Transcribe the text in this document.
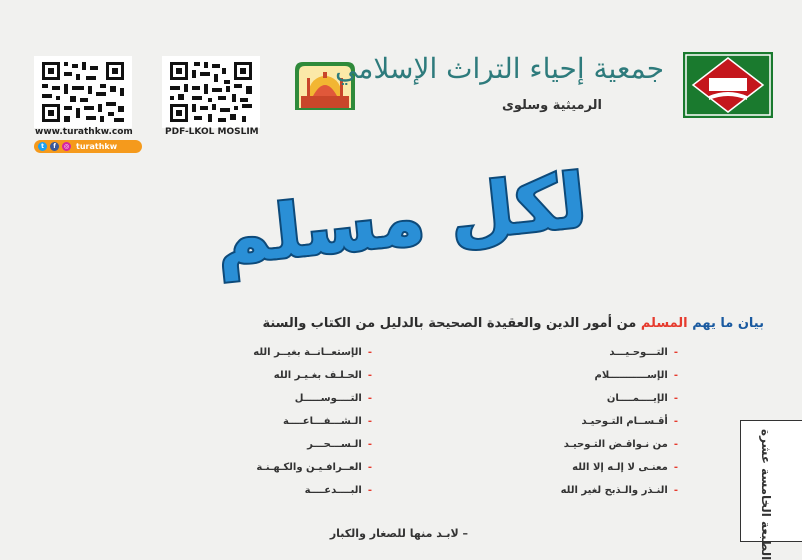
www.turathkw.com	PDF-LKOL MOSLIM
t	f	◎ turathkw
جمعية إحياء التراث الإسلامي
الرميثية وسلوى
لكل مسلم
بيان ما يهم المسلم من أمور الدين والعقيدة الصحيحة بالدليل من الكتاب والسنة
-
التـــوحـيـــد
-
الإســـــــــــلام
-
الإيــــمــــان
-
أقـســام التـوحيـد
-
من نـواقـض التـوحيـد
-
معنـى لا إلـه إلا الله
-
النـذر والـذبح لغير الله
-
الإستعــانــة بغيــر الله
-
الحـلـف بغـيـر الله
-
التــــوســـــل
-
الـشـــفـــاعــــة
-
الـســـحـــر
-
العــرافـيـن والكـهـنـة
-
البــــدعــــة
– لابـد منها للصغار والكبار	الطبعة الخامسة عشرة
